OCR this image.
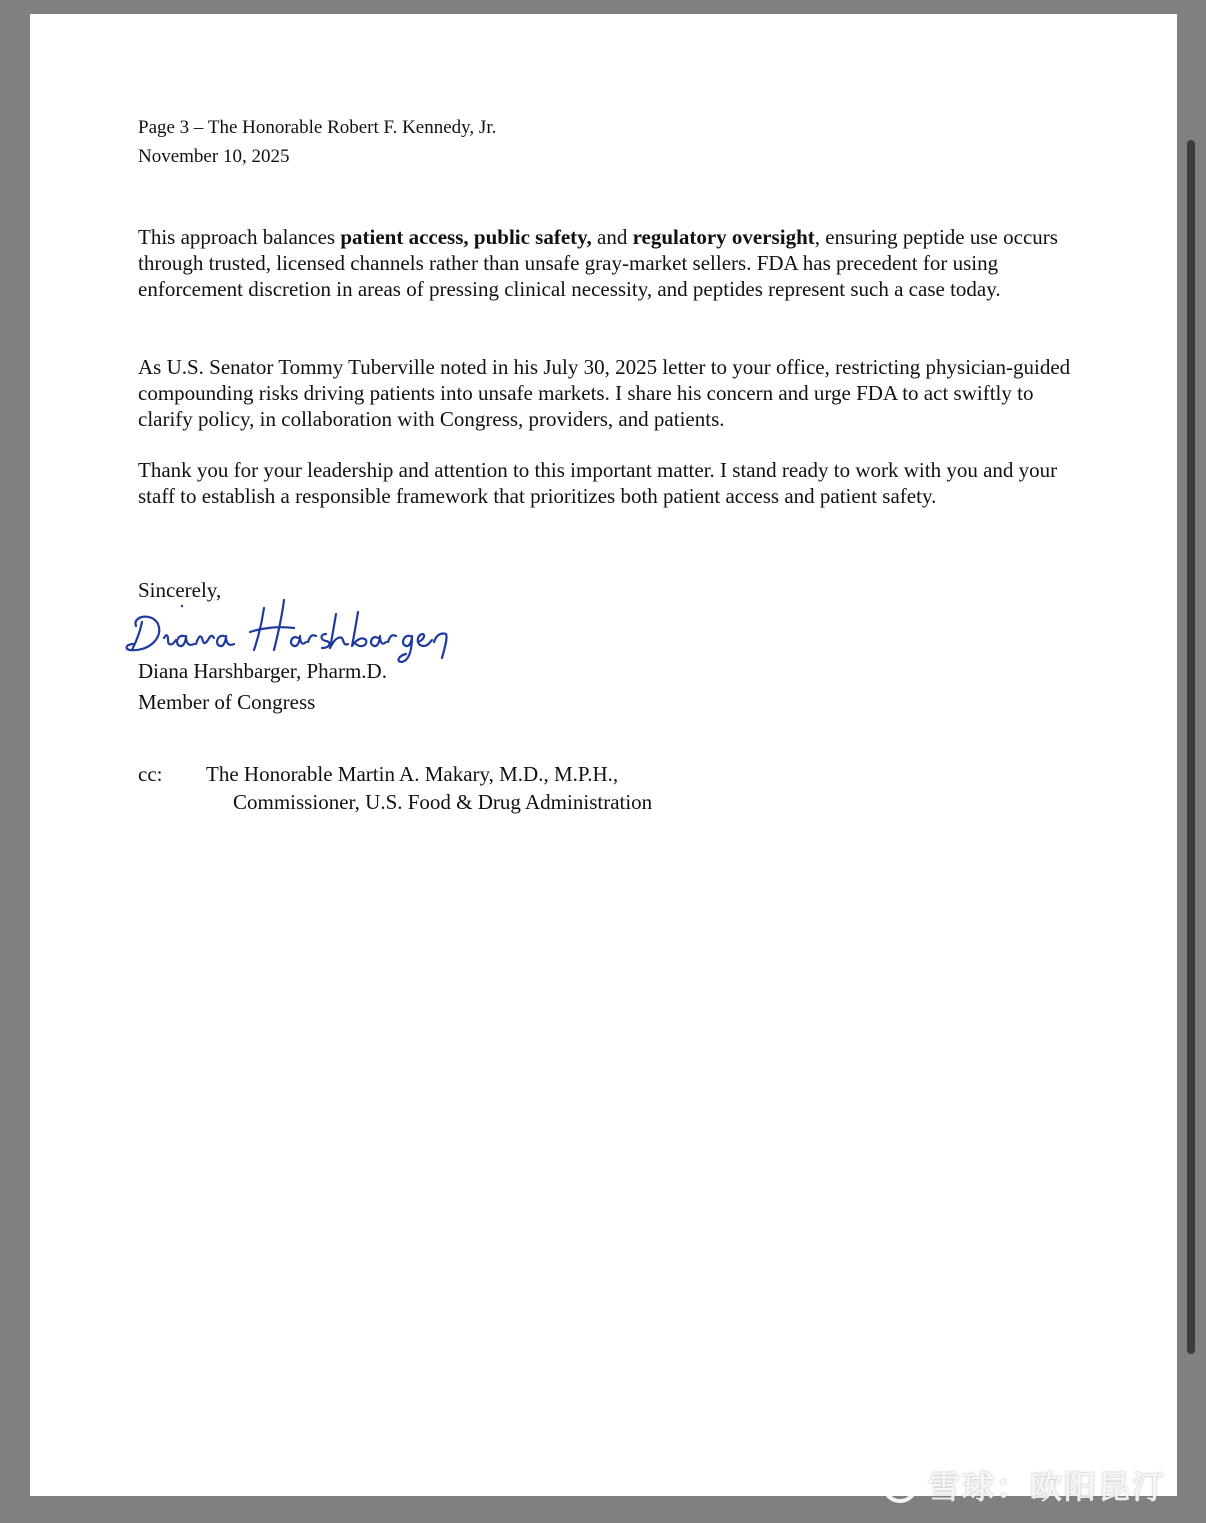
Page 3 – The Honorable Robert F. Kennedy, Jr.
November 10, 2025
This approach balances patient access, public safety, and regulatory oversight, ensuring peptide use occurs through trusted, licensed channels rather than unsafe gray-market sellers. FDA has precedent for using enforcement discretion in areas of pressing clinical necessity, and peptides represent such a case today.
As U.S. Senator Tommy Tuberville noted in his July 30, 2025 letter to your office, restricting physician-guided compounding risks driving patients into unsafe markets. I share his concern and urge FDA to act swiftly to clarify policy, in collaboration with Congress, providers, and patients.
Thank you for your leadership and attention to this important matter. I stand ready to work with you and your staff to establish a responsible framework that prioritizes both patient access and patient safety.
Sincerely,
Diana Harshbarger, Pharm.D.
Member of Congress
cc: The Honorable Martin A. Makary, M.D., M.P.H.,
Commissioner, U.S. Food & Drug Administration
雪球：欧阳昆汀
